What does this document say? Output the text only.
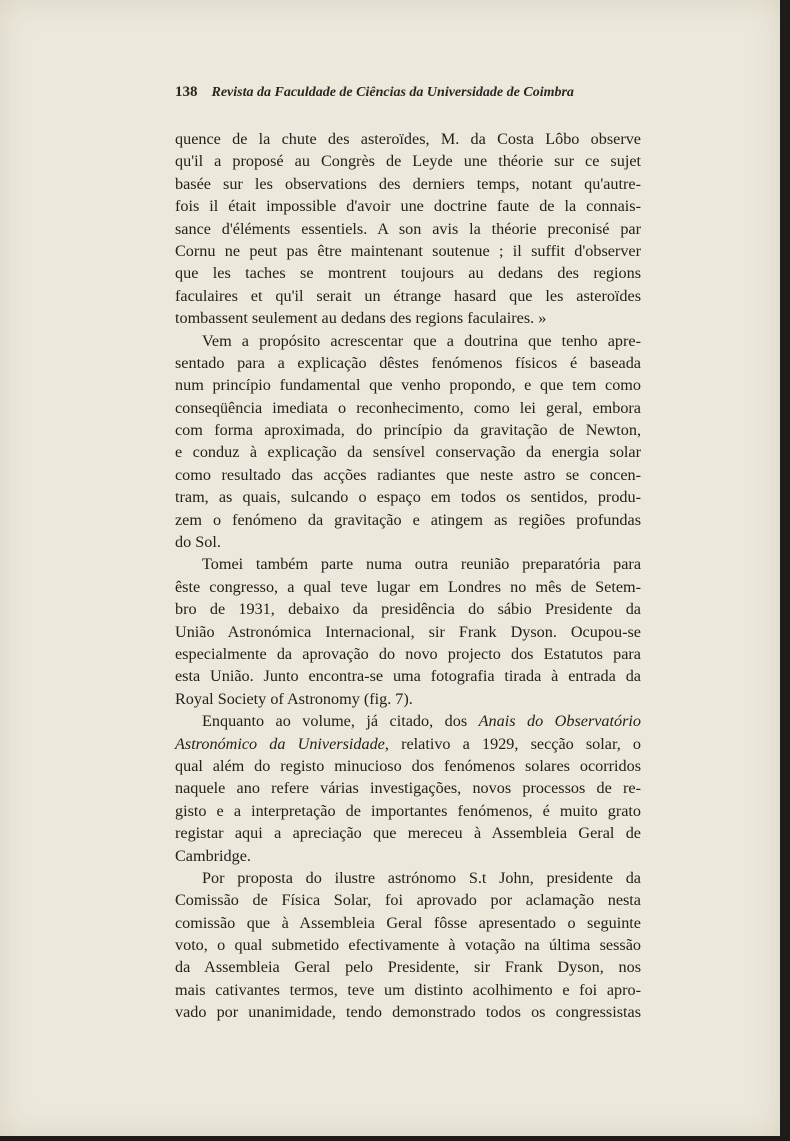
138 Revista da Faculdade de Ciências da Universidade de Coimbra
quence de la chute des asteroïdes, M. da Costa Lôbo observe
qu'il a proposé au Congrès de Leyde une théorie sur ce sujet
basée sur les observations des derniers temps, notant qu'autre-
fois il était impossible d'avoir une doctrine faute de la connais-
sance d'éléments essentiels. A son avis la théorie preconisé par
Cornu ne peut pas être maintenant soutenue ; il suffit d'observer
que les taches se montrent toujours au dedans des regions
faculaires et qu'il serait un étrange hasard que les asteroïdes
tombassent seulement au dedans des regions faculaires. »
Vem a propósito acrescentar que a doutrina que tenho apre-
sentado para a explicação dêstes fenómenos físicos é baseada
num princípio fundamental que venho propondo, e que tem como
conseqüência imediata o reconhecimento, como lei geral, embora
com forma aproximada, do princípio da gravitação de Newton,
e conduz à explicação da sensível conservação da energia solar
como resultado das acções radiantes que neste astro se concen-
tram, as quais, sulcando o espaço em todos os sentidos, produ-
zem o fenómeno da gravitação e atingem as regiões profundas
do Sol.
Tomei também parte numa outra reunião preparatória para
êste congresso, a qual teve lugar em Londres no mês de Setem-
bro de 1931, debaixo da presidência do sábio Presidente da
União Astronómica Internacional, sir Frank Dyson. Ocupou-se
especialmente da aprovação do novo projecto dos Estatutos para
esta União. Junto encontra-se uma fotografia tirada à entrada da
Royal Society of Astronomy (fig. 7).
Enquanto ao volume, já citado, dos Anais do Observatório
Astronómico da Universidade, relativo a 1929, secção solar, o
qual além do registo minucioso dos fenómenos solares ocorridos
naquele ano refere várias investigações, novos processos de re-
gisto e a interpretação de importantes fenómenos, é muito grato
registar aqui a apreciação que mereceu à Assembleia Geral de
Cambridge.
Por proposta do ilustre astrónomo S.t John, presidente da
Comissão de Física Solar, foi aprovado por aclamação nesta
comissão que à Assembleia Geral fôsse apresentado o seguinte
voto, o qual submetido efectivamente à votação na última sessão
da Assembleia Geral pelo Presidente, sir Frank Dyson, nos
mais cativantes termos, teve um distinto acolhimento e foi apro-
vado por unanimidade, tendo demonstrado todos os congressistas
